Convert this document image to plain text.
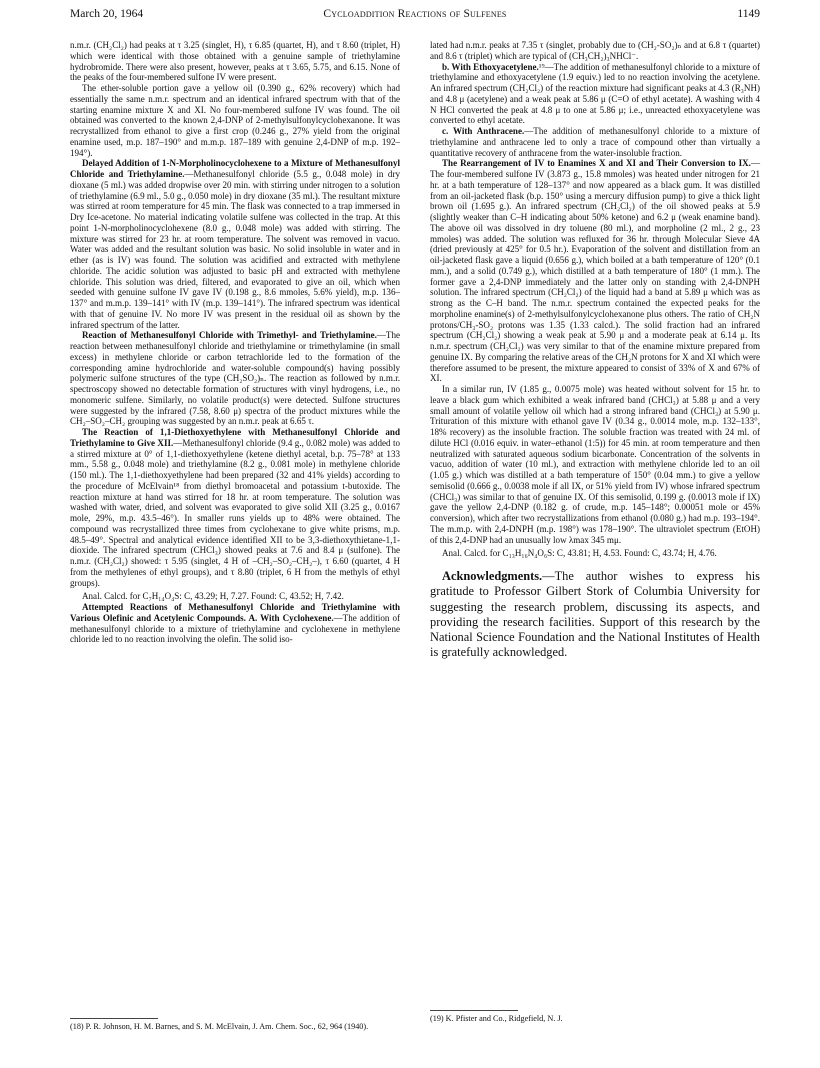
March 20, 1964	Cycloaddition Reactions of Sulfenes	1149

n.m.r. (CH₂Cl₂) had peaks at τ 3.25 (singlet, H), τ 6.85 (quartet, H), and τ 8.60 (triplet, H) which were identical with those obtained with a genuine sample of triethylamine hydrobromide. There were also present, however, peaks at τ 3.65, 5.75, and 6.15. None of the peaks of the four-membered sulfone IV were present.

The ether-soluble portion gave a yellow oil (0.390 g., 62% recovery) which had essentially the same n.m.r. spectrum and an identical infrared spectrum with that of the starting enamine mixture X and XI. No four-membered sulfone IV was found. The oil obtained was converted to the known 2,4-DNP of 2-methylsulfonylcyclohexanone. It was recrystallized from ethanol to give a first crop (0.246 g., 27% yield from the original enamine used, m.p. 187–190° and m.m.p. 187–189 with genuine 2,4-DNP of m.p. 192–194°).

Delayed Addition of 1-N-Morpholinocyclohexene to a Mixture of Methanesulfonyl Chloride and Triethylamine.—Methanesulfonyl chloride (5.5 g., 0.048 mole) in dry dioxane (5 ml.) was added dropwise over 20 min. with stirring under nitrogen to a solution of triethylamine (6.9 ml., 5.0 g., 0.050 mole) in dry dioxane (35 ml.). The resultant mixture was stirred at room temperature for 45 min. The flask was connected to a trap immersed in Dry Ice-acetone. No material indicating volatile sulfene was collected in the trap. At this point 1-N-morpholinocyclohexene (8.0 g., 0.048 mole) was added with stirring. The mixture was stirred for 23 hr. at room temperature. The solvent was removed in vacuo. Water was added and the resultant solution was basic. No solid insoluble in water and in ether (as is IV) was found. The solution was acidified and extracted with methylene chloride. The acidic solution was adjusted to basic pH and extracted with methylene chloride. This solution was dried, filtered, and evaporated to give an oil, which when seeded with genuine sulfone IV gave IV (0.198 g., 8.6 mmoles, 5.6% yield), m.p. 136–137° and m.m.p. 139–141° with IV (m.p. 139–141°). The infrared spectrum was identical with that of genuine IV. No more IV was present in the residual oil as shown by the infrared spectrum of the latter.

Reaction of Methanesulfonyl Chloride with Trimethyl- and Triethylamine.—The reaction between methanesulfonyl chloride and triethylamine or trimethylamine (in small excess) in methylene chloride or carbon tetrachloride led to the formation of the corresponding amine hydrochloride and water-soluble compound(s) having possibly polymeric sulfone structures of the type (CH₂SO₂)ₙ. The reaction as followed by n.m.r. spectroscopy showed no detectable formation of structures with vinyl hydrogens, i.e., no monomeric sulfene. Similarly, no volatile product(s) were detected. Sulfone structures were suggested by the infrared (7.58, 8.60 μ) spectra of the product mixtures while the CH₂–SO₂–CH₂ grouping was suggested by an n.m.r. peak at 6.65 τ.

The Reaction of 1,1-Diethoxyethylene with Methanesulfonyl Chloride and Triethylamine to Give XII.—Methanesulfonyl chloride (9.4 g., 0.082 mole) was added to a stirred mixture at 0° of 1,1-diethoxyethylene (ketene diethyl acetal, b.p. 75–78° at 133 mm., 5.58 g., 0.048 mole) and triethylamine (8.2 g., 0.081 mole) in methylene chloride (150 ml.). The 1,1-diethoxyethylene had been prepared (32 and 41% yields) according to the procedure of McElvain¹⁸ from diethyl bromoacetal and potassium t-butoxide. The reaction mixture at hand was stirred for 18 hr. at room temperature. The solution was washed with water, dried, and solvent was evaporated to give solid XII (3.25 g., 0.0167 mole, 29%, m.p. 43.5–46°). In smaller runs yields up to 48% were obtained. The compound was recrystallized three times from cyclohexane to give white prisms, m.p. 48.5–49°. Spectral and analytical evidence identified XII to be 3,3-diethoxythietane-1,1-dioxide. The infrared spectrum (CHCl₃) showed peaks at 7.6 and 8.4 μ (sulfone). The n.m.r. (CH₂Cl₂) showed: τ 5.95 (singlet, 4 H of –CH₂–SO₂–CH₂–), τ 6.60 (quartet, 4 H from the methylenes of ethyl groups), and τ 8.80 (triplet, 6 H from the methyls of ethyl groups).

Anal. Calcd. for C₇H₁₄O₄S: C, 43.29; H, 7.27. Found: C, 43.52; H, 7.42.

Attempted Reactions of Methanesulfonyl Chloride and Triethylamine with Various Olefinic and Acetylenic Compounds. A. With Cyclohexene.—The addition of methanesulfonyl chloride to a mixture of triethylamine and cyclohexene in methylene chloride led to no reaction involving the olefin. The solid iso-

lated had n.m.r. peaks at 7.35 τ (singlet, probably due to (CH₂-SO₂)ₙ and at 6.8 τ (quartet) and 8.6 τ (triplet) which are typical of (CH₃CH₂)₃NHCl⁻.

b. With Ethoxyacetylene.¹⁹—The addition of methanesulfonyl chloride to a mixture of triethylamine and ethoxyacetylene (1.9 equiv.) led to no reaction involving the acetylene. An infrared spectrum (CH₂Cl₂) of the reaction mixture had significant peaks at 4.3 (R₃NH) and 4.8 μ (acetylene) and a weak peak at 5.86 μ (C=O of ethyl acetate). A washing with 4 N HCl converted the peak at 4.8 μ to one at 5.86 μ; i.e., unreacted ethoxyacetylene was converted to ethyl acetate.

c. With Anthracene.—The addition of methanesulfonyl chloride to a mixture of triethylamine and anthracene led to only a trace of compound other than virtually a quantitative recovery of anthracene from the water-insoluble fraction.

The Rearrangement of IV to Enamines X and XI and Their Conversion to IX.—The four-membered sulfone IV (3.873 g., 15.8 mmoles) was heated under nitrogen for 21 hr. at a bath temperature of 128–137° and now appeared as a black gum. It was distilled from an oil-jacketed flask (b.p. 150° using a mercury diffusion pump) to give a thick light brown oil (1.695 g.). An infrared spectrum (CH₂Cl₂) of the oil showed peaks at 5.9 (slightly weaker than C–H indicating about 50% ketone) and 6.2 μ (weak enamine band). The above oil was dissolved in dry toluene (80 ml.), and morpholine (2 ml., 2 g., 23 mmoles) was added. The solution was refluxed for 36 hr. through Molecular Sieve 4A (dried previously at 425° for 0.5 hr.). Evaporation of the solvent and distillation from an oil-jacketed flask gave a liquid (0.656 g.), which boiled at a bath temperature of 120° (0.1 mm.), and a solid (0.749 g.), which distilled at a bath temperature of 180° (1 mm.). The former gave a 2,4-DNP immediately and the latter only on standing with 2,4-DNPH solution. The infrared spectrum (CH₂Cl₂) of the liquid had a band at 5.89 μ which was as strong as the C–H band. The n.m.r. spectrum contained the expected peaks for the morpholine enamine(s) of 2-methylsulfonylcyclohexanone plus others. The ratio of CH₂N protons/CH₃-SO₂ protons was 1.35 (1.33 calcd.). The solid fraction had an infrared spectrum (CH₂Cl₂) showing a weak peak at 5.90 μ and a moderate peak at 6.14 μ. Its n.m.r. spectrum (CH₂Cl₂) was very similar to that of the enamine mixture prepared from genuine IX. By comparing the relative areas of the CH₂N protons for X and XI which were therefore assumed to be present, the mixture appeared to consist of 33% of X and 67% of XI.

In a similar run, IV (1.85 g., 0.0075 mole) was heated without solvent for 15 hr. to leave a black gum which exhibited a weak infrared band (CHCl₃) at 5.88 μ and a very small amount of volatile yellow oil which had a strong infrared band (CHCl₃) at 5.90 μ. Trituration of this mixture with ethanol gave IV (0.34 g., 0.0014 mole, m.p. 132–133°, 18% recovery) as the insoluble fraction. The soluble fraction was treated with 24 ml. of dilute HCl (0.016 equiv. in water–ethanol (1:5)) for 45 min. at room temperature and then neutralized with saturated aqueous sodium bicarbonate. Concentration of the solvents in vacuo, addition of water (10 ml.), and extraction with methylene chloride led to an oil (1.05 g.) which was distilled at a bath temperature of 150° (0.04 mm.) to give a yellow semisolid (0.666 g., 0.0038 mole if all IX, or 51% yield from IV) whose infrared spectrum (CHCl₃) was similar to that of genuine IX. Of this semisolid, 0.199 g. (0.0013 mole if IX) gave the yellow 2,4-DNP (0.182 g. of crude, m.p. 145–148°; 0.00051 mole or 45% conversion), which after two recrystallizations from ethanol (0.080 g.) had m.p. 193–194°. The m.m.p. with 2,4-DNPH (m.p. 198°) was 178–190°. The ultraviolet spectrum (EtOH) of this 2,4-DNP had an unusually low λmax 345 mμ.

Anal. Calcd. for C₁₃H₁₆N₄O₆S: C, 43.81; H, 4.53. Found: C, 43.74; H, 4.76.

Acknowledgments.—The author wishes to express his gratitude to Professor Gilbert Stork of Columbia University for suggesting the research problem, discussing its aspects, and providing the research facilities. Support of this research by the National Science Foundation and the National Institutes of Health is gratefully acknowledged.

(18) P. R. Johnson, H. M. Barnes, and S. M. McElvain, J. Am. Chem. Soc., 62, 964 (1940).
(19) K. Pfister and Co., Ridgefield, N. J.
